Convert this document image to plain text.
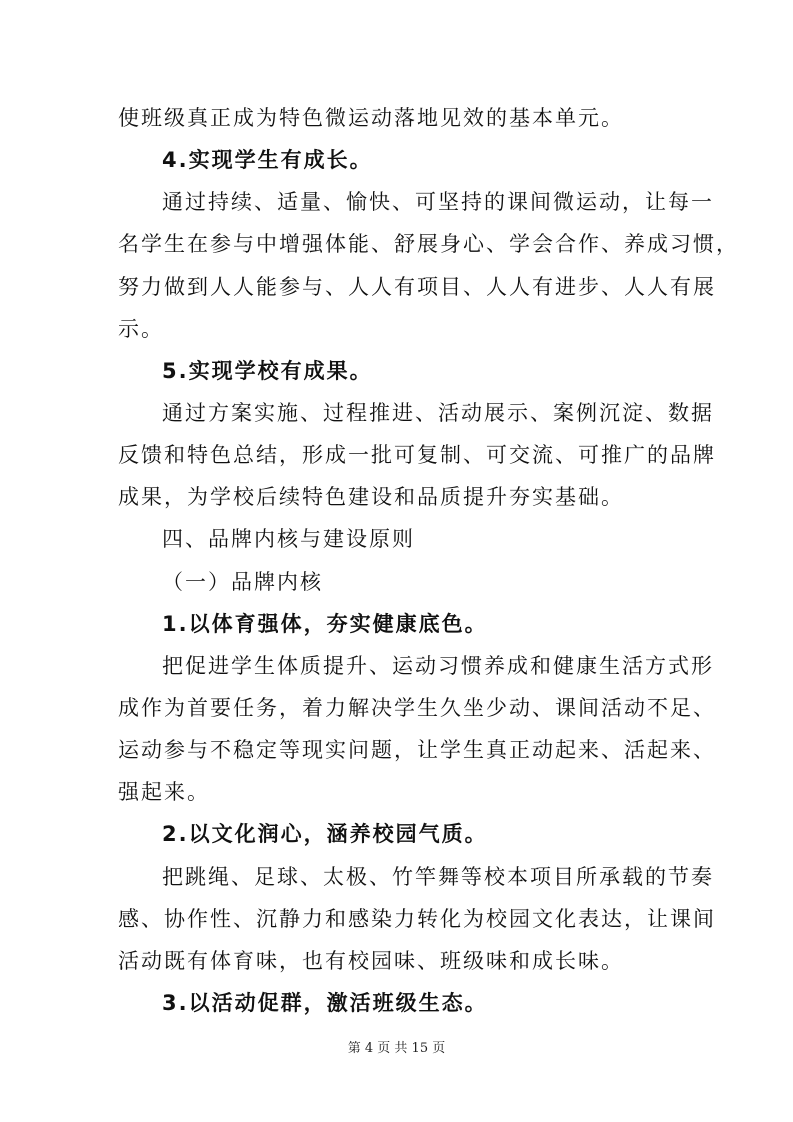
使班级真正成为特色微运动落地见效的基本单元。
4.实现学生有成长。
通过持续、适量、愉快、可坚持的课间微运动，让每一
名学生在参与中增强体能、舒展身心、学会合作、养成习惯，
努力做到人人能参与、人人有项目、人人有进步、人人有展
示。
5.实现学校有成果。
通过方案实施、过程推进、活动展示、案例沉淀、数据
反馈和特色总结，形成一批可复制、可交流、可推广的品牌
成果，为学校后续特色建设和品质提升夯实基础。
四、品牌内核与建设原则
（一）品牌内核
1.以体育强体，夯实健康底色。
把促进学生体质提升、运动习惯养成和健康生活方式形
成作为首要任务，着力解决学生久坐少动、课间活动不足、
运动参与不稳定等现实问题，让学生真正动起来、活起来、
强起来。
2.以文化润心，涵养校园气质。
把跳绳、足球、太极、竹竿舞等校本项目所承载的节奏
感、协作性、沉静力和感染力转化为校园文化表达，让课间
活动既有体育味，也有校园味、班级味和成长味。
3.以活动促群，激活班级生态。
第 4 页 共 15 页
